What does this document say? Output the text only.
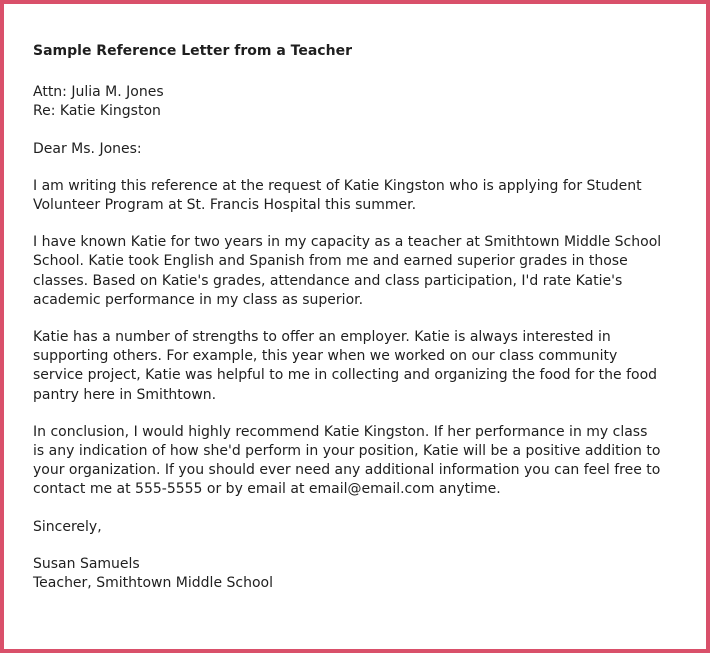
Sample Reference Letter from a Teacher
Attn: Julia M. Jones
Re: Katie Kingston
Dear Ms. Jones:
I am writing this reference at the request of Katie Kingston who is applying for Student
Volunteer Program at St. Francis Hospital this summer.
I have known Katie for two years in my capacity as a teacher at Smithtown Middle School
School. Katie took English and Spanish from me and earned superior grades in those
classes. Based on Katie's grades, attendance and class participation, I'd rate Katie's
academic performance in my class as superior.
Katie has a number of strengths to offer an employer. Katie is always interested in
supporting others. For example, this year when we worked on our class community
service project, Katie was helpful to me in collecting and organizing the food for the food
pantry here in Smithtown.
In conclusion, I would highly recommend Katie Kingston. If her performance in my class
is any indication of how she'd perform in your position, Katie will be a positive addition to
your organization. If you should ever need any additional information you can feel free to
contact me at 555-5555 or by email at email@email.com anytime.
Sincerely,
Susan Samuels
Teacher, Smithtown Middle School
